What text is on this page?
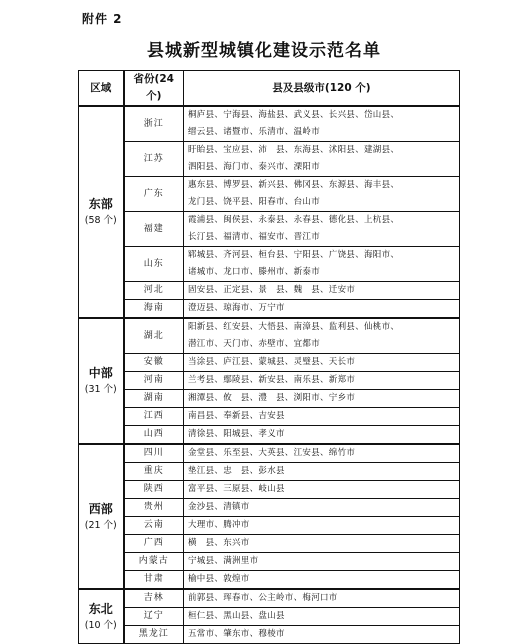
附件 2
县城新型城镇化建设示范名单
区域	省份(24 个)	县及县级市(120 个)
东部
(58 个)	浙江	桐庐县、宁海县、海盐县、武义县、长兴县、岱山县、
缙云县、诸暨市、乐清市、温岭市

	江苏	盱眙县、宝应县、沛　县、东海县、沭阳县、建湖县、
泗阳县、海门市、泰兴市、溧阳市

	广东	惠东县、博罗县、新兴县、佛冈县、东源县、海丰县、
龙门县、饶平县、阳春市、台山市

	福建	霞浦县、闽侯县、永泰县、永春县、德化县、上杭县、
长汀县、福清市、福安市、晋江市

	山东	郓城县、齐河县、桓台县、宁阳县、广饶县、海阳市、
诸城市、龙口市、滕州市、新泰市

	河北	固安县、正定县、景　县、魏　县、迁安市

	海南	澄迈县、琼海市、万宁市

中部
(31 个)	湖北	阳新县、红安县、大悟县、南漳县、监利县、仙桃市、
潜江市、天门市、赤壁市、宜都市

	安徽	当涂县、庐江县、蒙城县、灵璧县、天长市

	河南	兰考县、鄢陵县、新安县、南乐县、新郑市

	湖南	湘潭县、攸　县、澧　县、浏阳市、宁乡市

	江西	南昌县、奉新县、吉安县

	山西	清徐县、阳城县、孝义市

西部
(21 个)	四川	金堂县、乐至县、大英县、江安县、绵竹市

	重庆	垫江县、忠　县、彭水县

	陕西	富平县、三原县、岐山县

	贵州	金沙县、清镇市

	云南	大理市、腾冲市

	广西	横　县、东兴市

	内蒙古	宁城县、满洲里市

	甘肃	榆中县、敦煌市

东北
(10 个)	吉林	前郭县、珲春市、公主岭市、梅河口市

	辽宁	桓仁县、黑山县、盘山县

	黑龙江	五常市、肇东市、穆棱市
